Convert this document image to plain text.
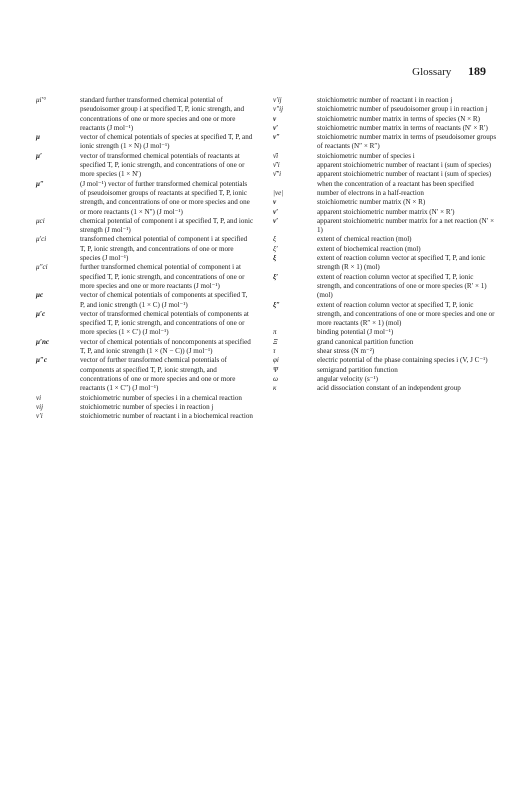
Glossary 189
μi′°	standard further transformed chemical potential of pseudoisomer group i at specified T, P, ionic strength, and concentrations of one or more species and one or more reactants (J mol⁻¹)
μ	vector of chemical potentials of species at specified T, P, and ionic strength (1 × N) (J mol⁻¹)
μ′	vector of transformed chemical potentials of reactants at specified T, P, ionic strength, and concentrations of one or more species (1 × N′)
μ″	(J mol⁻¹) vector of further transformed chemical potentials of pseudoisomer groups of reactants at specified T, P, ionic strength, and concentrations of one or more species and one or more reactants (1 × N″) (J mol⁻¹)
μci	chemical potential of component i at specified T, P, and ionic strength (J mol⁻¹)
μ′ci	transformed chemical potential of component i at specified T, P, ionic strength, and concentrations of one or more species (J mol⁻¹)
μ″ci	further transformed chemical potential of component i at specified T, P, ionic strength, and concentrations of one or more species and one or more reactants (J mol⁻¹)
μc	vector of chemical potentials of components at specified T, P, and ionic strength (1 × C) (J mol⁻¹)
μ′c	vector of transformed chemical potentials of components at specified T, P, ionic strength, and concentrations of one or more species (1 × C′) (J mol⁻¹)
μ′nc	vector of chemical potentials of noncomponents at specified T, P, and ionic strength (1 × (N − C)) (J mol⁻¹)
μ″c	vector of further transformed chemical potentials of components at specified T, P, ionic strength, and concentrations of one or more species and one or more reactants (1 × C″) (J mol⁻¹)
νi	stoichiometric number of species i in a chemical reaction
νij	stoichiometric number of species i in reaction j
ν′i	stoichiometric number of reactant i in a biochemical reaction
ν′ij	stoichiometric number of reactant i in reaction j
ν″ij	stoichiometric number of pseudoisomer group i in reaction j
ν	stoichiometric number matrix in terms of species (N × R)
ν′	stoichiometric number matrix in terms of reactants (N′ × R′)
ν″	stoichiometric number matrix in terms of pseudoisomer groups of reactants (N″ × R″)
ν̄i	stoichiometric number of species i
ν̄′i	apparent stoichiometric number of reactant i (sum of species)
ν̄″i	apparent stoichiometric number of reactant i (sum of species) when the concentration of a reactant has been specified
|νe|	number of electrons in a half-reaction
ν	stoichiometric number matrix (N × R)
ν′	apparent stoichiometric number matrix (N′ × R′)
ν′	apparent stoichiometric number matrix for a net reaction (N′ × 1)
ξ	extent of chemical reaction (mol)
ξ′	extent of biochemical reaction (mol)
ξ	extent of reaction column vector at specified T, P, and ionic strength (R × 1) (mol)
ξ′	extent of reaction column vector at specified T, P, ionic strength, and concentrations of one or more species (R′ × 1) (mol)
ξ″	extent of reaction column vector at specified T, P, ionic strength, and concentrations of one or more species and one or more reactants (R″ × 1) (mol)
π	binding potential (J mol⁻¹)
Ξ	grand canonical partition function
τ	shear stress (N m⁻²)
φi	electric potential of the phase containing species i (V, J C⁻¹)
Ψ	semigrand partition function
ω	angular velocity (s⁻¹)
κ	acid dissociation constant of an independent group
